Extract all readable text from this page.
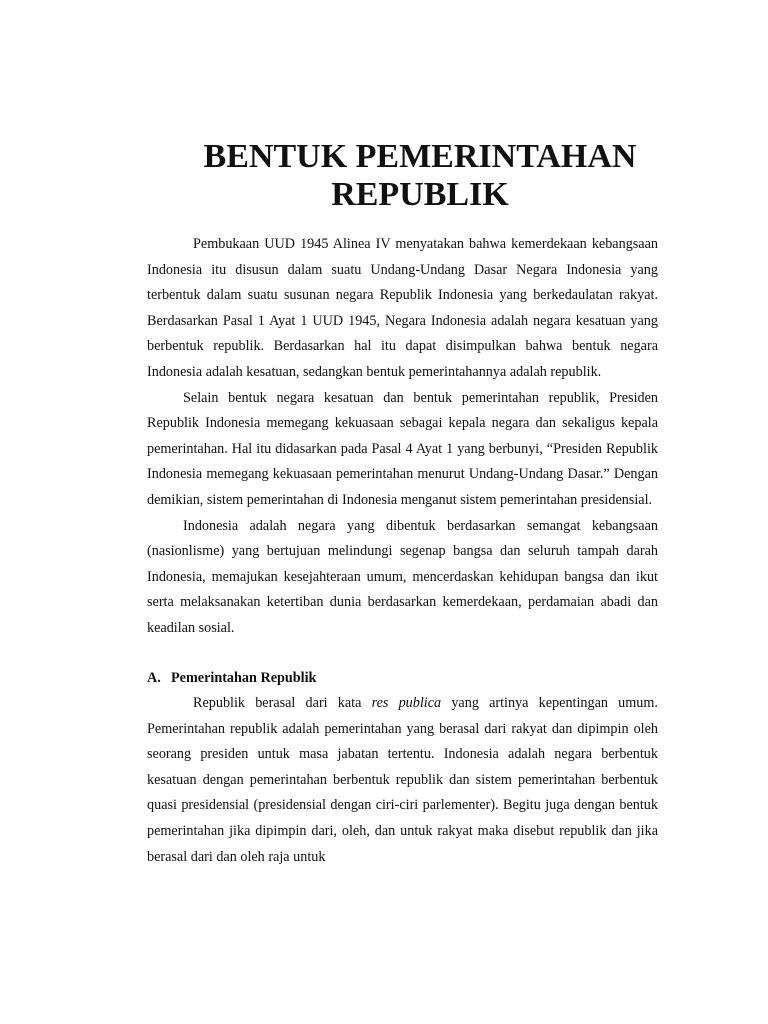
BENTUK PEMERINTAHAN
REPUBLIK

Pembukaan UUD 1945 Alinea IV menyatakan bahwa kemerdekaan kebangsaan Indonesia itu disusun dalam suatu Undang-Undang Dasar Negara Indonesia yang terbentuk dalam suatu susunan negara Republik Indonesia yang berkedaulatan rakyat. Berdasarkan Pasal 1 Ayat 1 UUD 1945, Negara Indonesia adalah negara kesatuan yang berbentuk republik. Berdasarkan hal itu dapat disimpulkan bahwa bentuk negara Indonesia adalah kesatuan, sedangkan bentuk pemerintahannya adalah republik.

Selain bentuk negara kesatuan dan bentuk pemerintahan republik, Presiden Republik Indonesia memegang kekuasaan sebagai kepala negara dan sekaligus kepala pemerintahan. Hal itu didasarkan pada Pasal 4 Ayat 1 yang berbunyi, “Presiden Republik Indonesia memegang kekuasaan pemerintahan menurut Undang-Undang Dasar.” Dengan demikian, sistem pemerintahan di Indonesia menganut sistem pemerintahan presidensial.

Indonesia adalah negara yang dibentuk berdasarkan semangat kebangsaan (nasionlisme) yang bertujuan melindungi segenap bangsa dan seluruh tampah darah Indonesia, memajukan kesejahteraan umum, mencerdaskan kehidupan bangsa dan ikut serta melaksanakan ketertiban dunia berdasarkan kemerdekaan, perdamaian abadi dan keadilan sosial.

A. Pemerintahan Republik

Republik berasal dari kata res publica yang artinya kepentingan umum. Pemerintahan republik adalah pemerintahan yang berasal dari rakyat dan dipimpin oleh seorang presiden untuk masa jabatan tertentu. Indonesia adalah negara berbentuk kesatuan dengan pemerintahan berbentuk republik dan sistem pemerintahan berbentuk quasi presidensial (presidensial dengan ciri-ciri parlementer). Begitu juga dengan bentuk pemerintahan jika dipimpin dari, oleh, dan untuk rakyat maka disebut republik dan jika berasal dari dan oleh raja untuk
